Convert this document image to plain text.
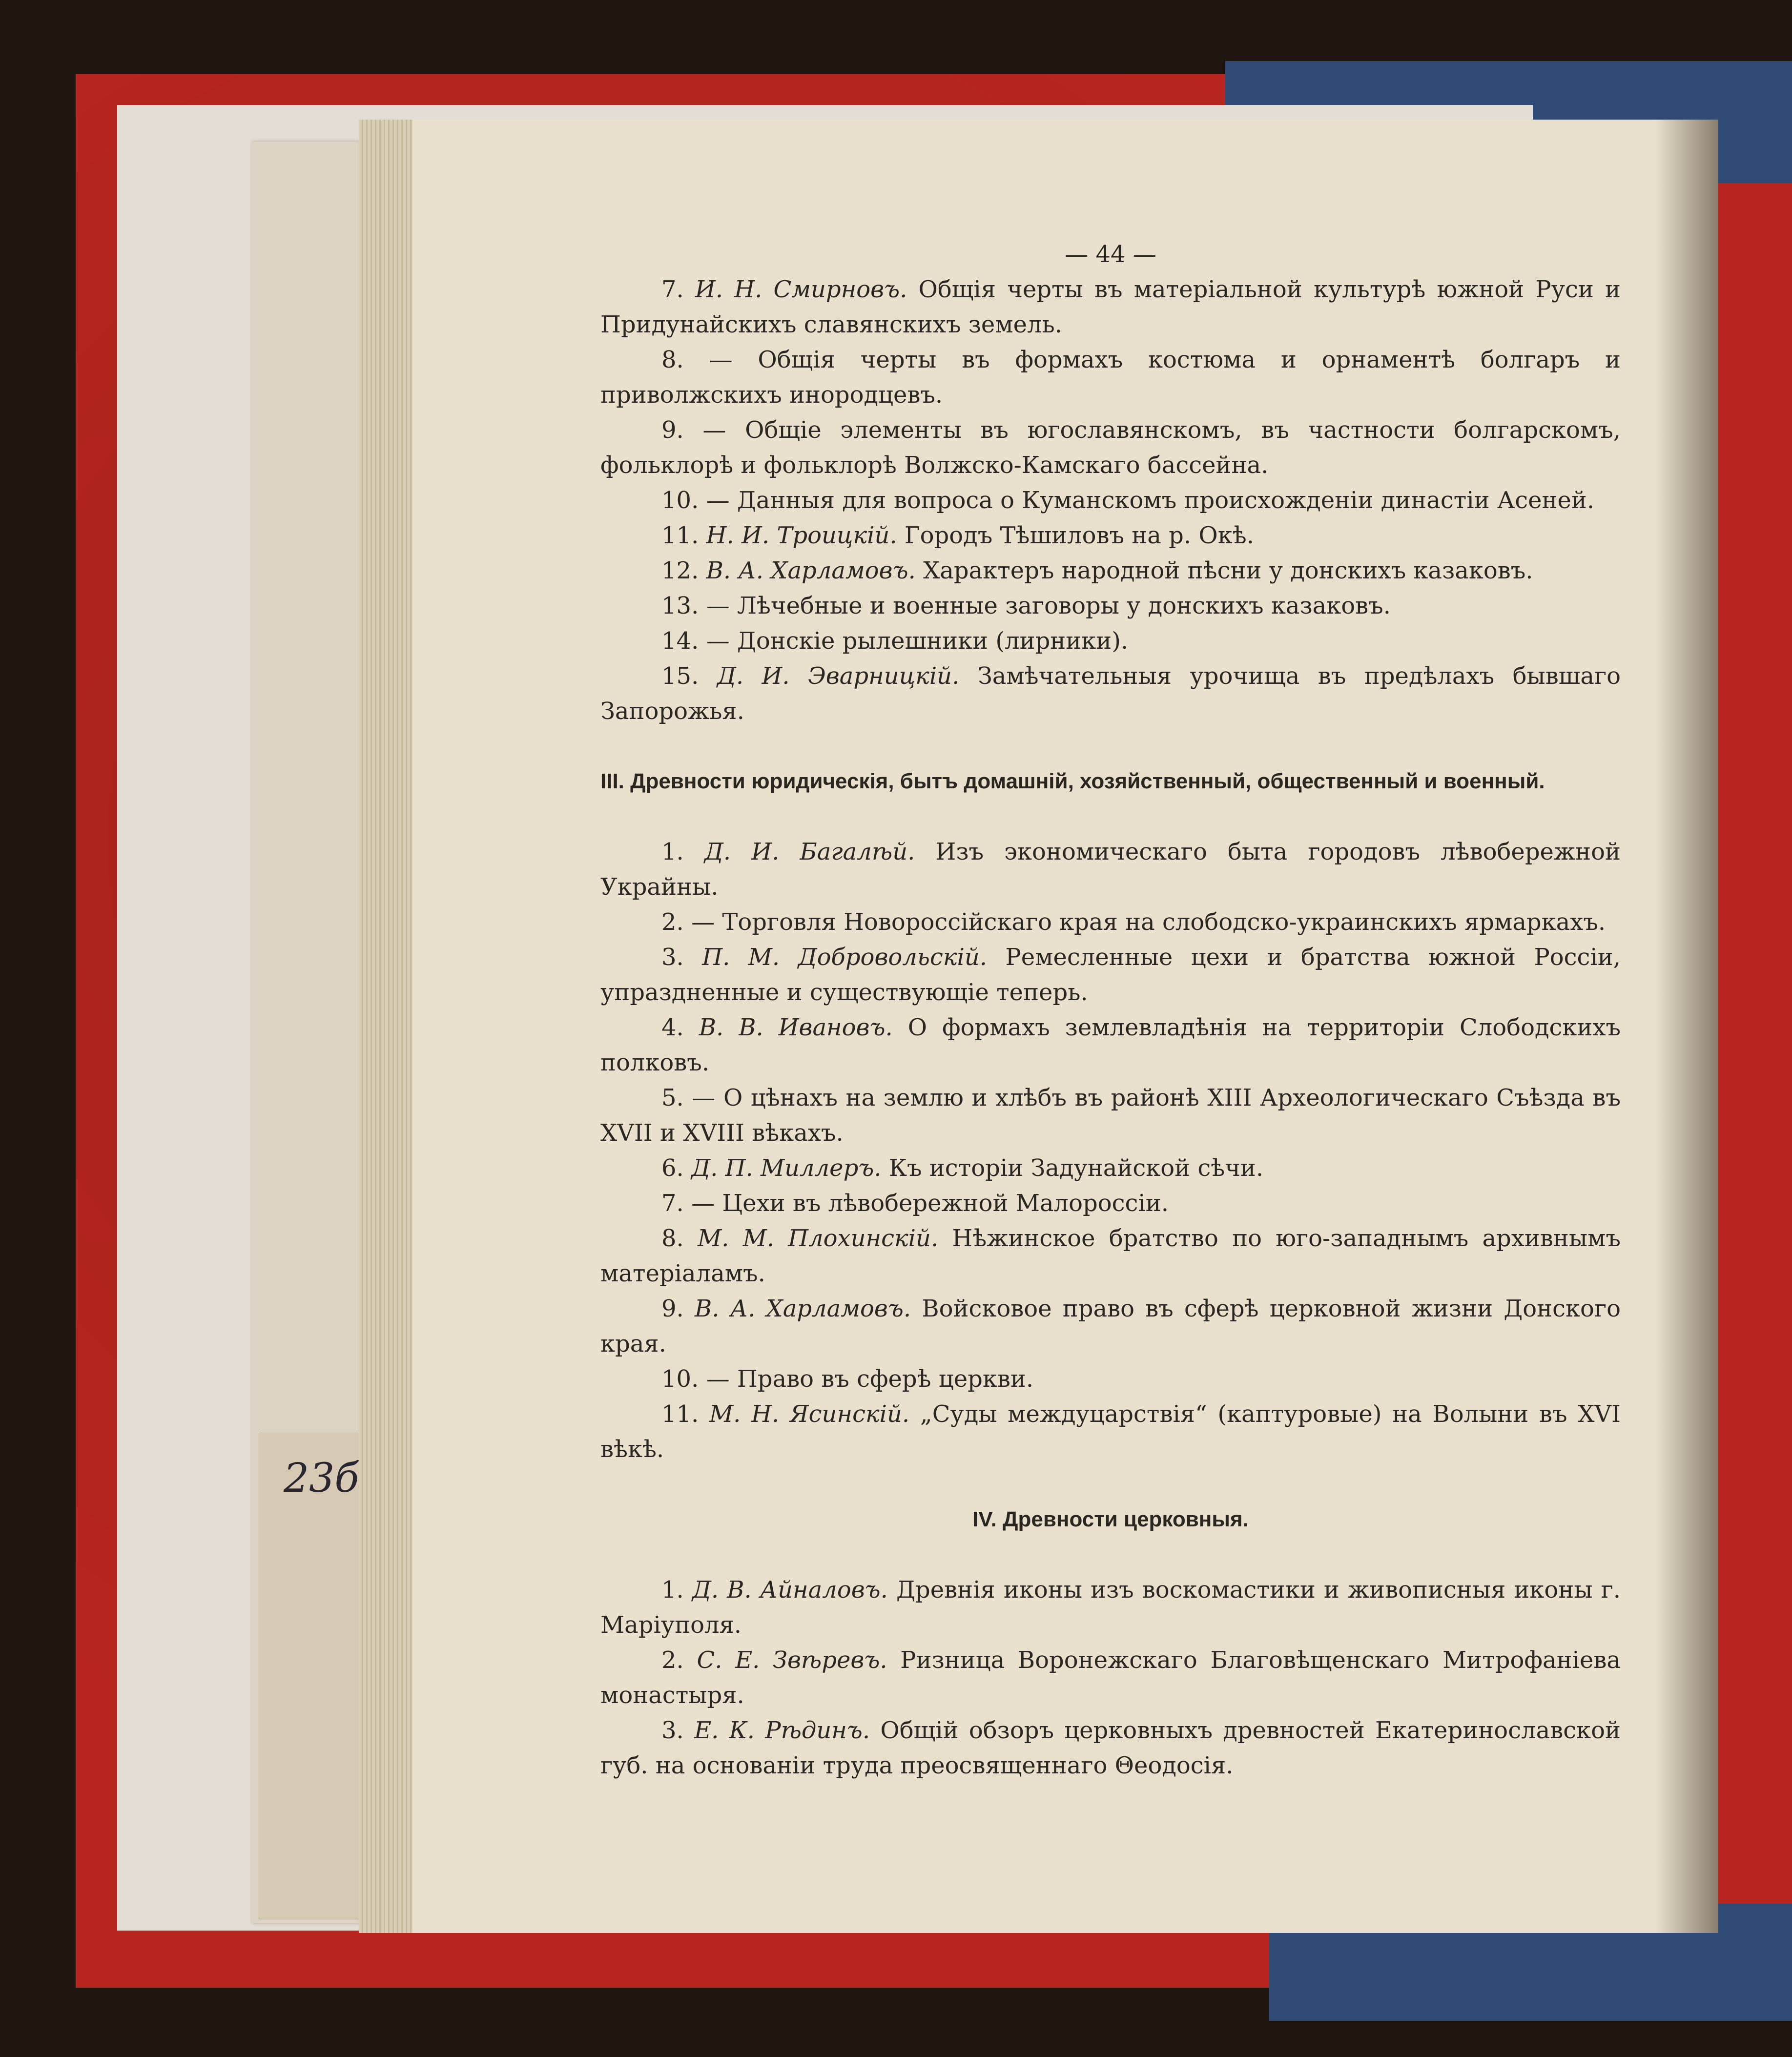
23б
— 44 —

7. И. Н. Смирновъ. Общiя черты въ матерiальной культурѣ южной Руси и Придунайскихъ славянскихъ земель.

8. — Общiя черты въ формахъ костюма и орнаментѣ болгаръ и приволжскихъ инородцевъ.

9. — Общiе элементы въ югославянскомъ, въ частности болгарскомъ, фольклорѣ и фольклорѣ Волжско-Камскаго бассейна.

10. — Данныя для вопроса о Куманскомъ происхожденiи династiи Асеней.

11. Н. И. Троицкiй. Городъ Тѣшиловъ на р. Окѣ.

12. В. А. Харламовъ. Характеръ народной пѣсни у донскихъ казаковъ.

13. — Лѣчебные и военные заговоры у донскихъ казаковъ.

14. — Донскiе рылешники (лирники).

15. Д. И. Эварницкiй. Замѣчательныя урочища въ предѣлахъ бывшаго Запорожья.

III. Древности юридическiя, бытъ домашнiй, хозяйственный, общественный и военный.

1. Д. И. Багалѣй. Изъ экономическаго быта городовъ лѣвобережной Украйны.

2. — Торговля Новороссiйскаго края на слободско-украинскихъ ярмаркахъ.

3. П. М. Добровольскiй. Ремесленные цехи и братства южной Россiи, упраздненные и существующiе теперь.

4. В. В. Ивановъ. О формахъ землевладѣнiя на территорiи Слободскихъ полковъ.

5. — О цѣнахъ на землю и хлѣбъ въ районѣ XIII Археологическаго Съѣзда въ XVII и XVIII вѣкахъ.

6. Д. П. Миллеръ. Къ исторiи Задунайской сѣчи.

7. — Цехи въ лѣвобережной Малороссiи.

8. М. М. Плохинскiй. Нѣжинское братство по юго-западнымъ архивнымъ матерiаламъ.

9. В. А. Харламовъ. Войсковое право въ сферѣ церковной жизни Донского края.

10. — Право въ сферѣ церкви.

11. М. Н. Ясинскiй. „Суды междуцарствiя“ (каптуровые) на Волыни въ XVI вѣкѣ.

IV. Древности церковныя.

1. Д. В. Айналовъ. Древнiя иконы изъ воскомастики и живописныя иконы г. Марiуполя.

2. С. Е. Звѣревъ. Ризница Воронежскаго Благовѣщенскаго Митрофанiева монастыря.

3. Е. К. Рѣдинъ. Общiй обзоръ церковныхъ древностей Екатеринославской губ. на основанiи труда преосвященнаго Θеодосiя.
